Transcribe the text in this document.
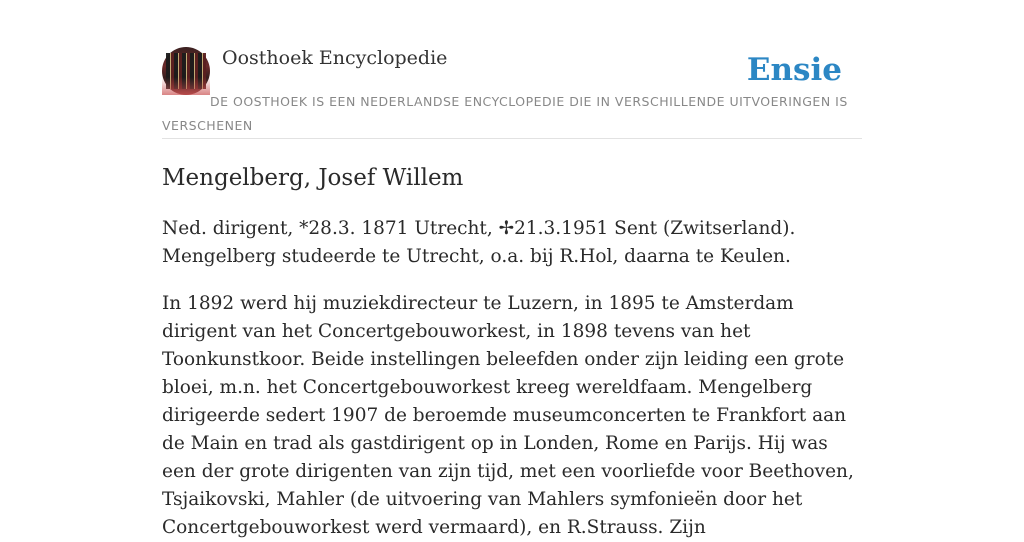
Oosthoek Encyclopedie	Ensie
DE OOSTHOEK IS EEN NEDERLANDSE ENCYCLOPEDIE DIE IN VERSCHILLENDE UITVOERINGEN IS VERSCHENEN
Mengelberg, Josef Willem

Ned. dirigent, *28.3. 1871 Utrecht, ✢21.3.1951 Sent (Zwitserland). Mengelberg studeerde te Utrecht, o.a. bij R.Hol, daarna te Keulen.

In 1892 werd hij muziekdirecteur te Luzern, in 1895 te Amsterdam dirigent van het Concertgebouworkest, in 1898 tevens van het Toonkunstkoor. Beide instellingen beleefden onder zijn leiding een grote bloei, m.n. het Concertgebouworkest kreeg wereldfaam. Mengelberg dirigeerde sedert 1907 de beroemde museumconcerten te Frankfort aan de Main en trad als gastdirigent op in Londen, Rome en Parijs. Hij was een der grote dirigenten van zijn tijd, met een voorliefde voor Beethoven, Tsjaikovski, Mahler (de uitvoering van Mahlers symfonieën door het Concertgebouworkest werd vermaard), en R.Strauss. Zijn
